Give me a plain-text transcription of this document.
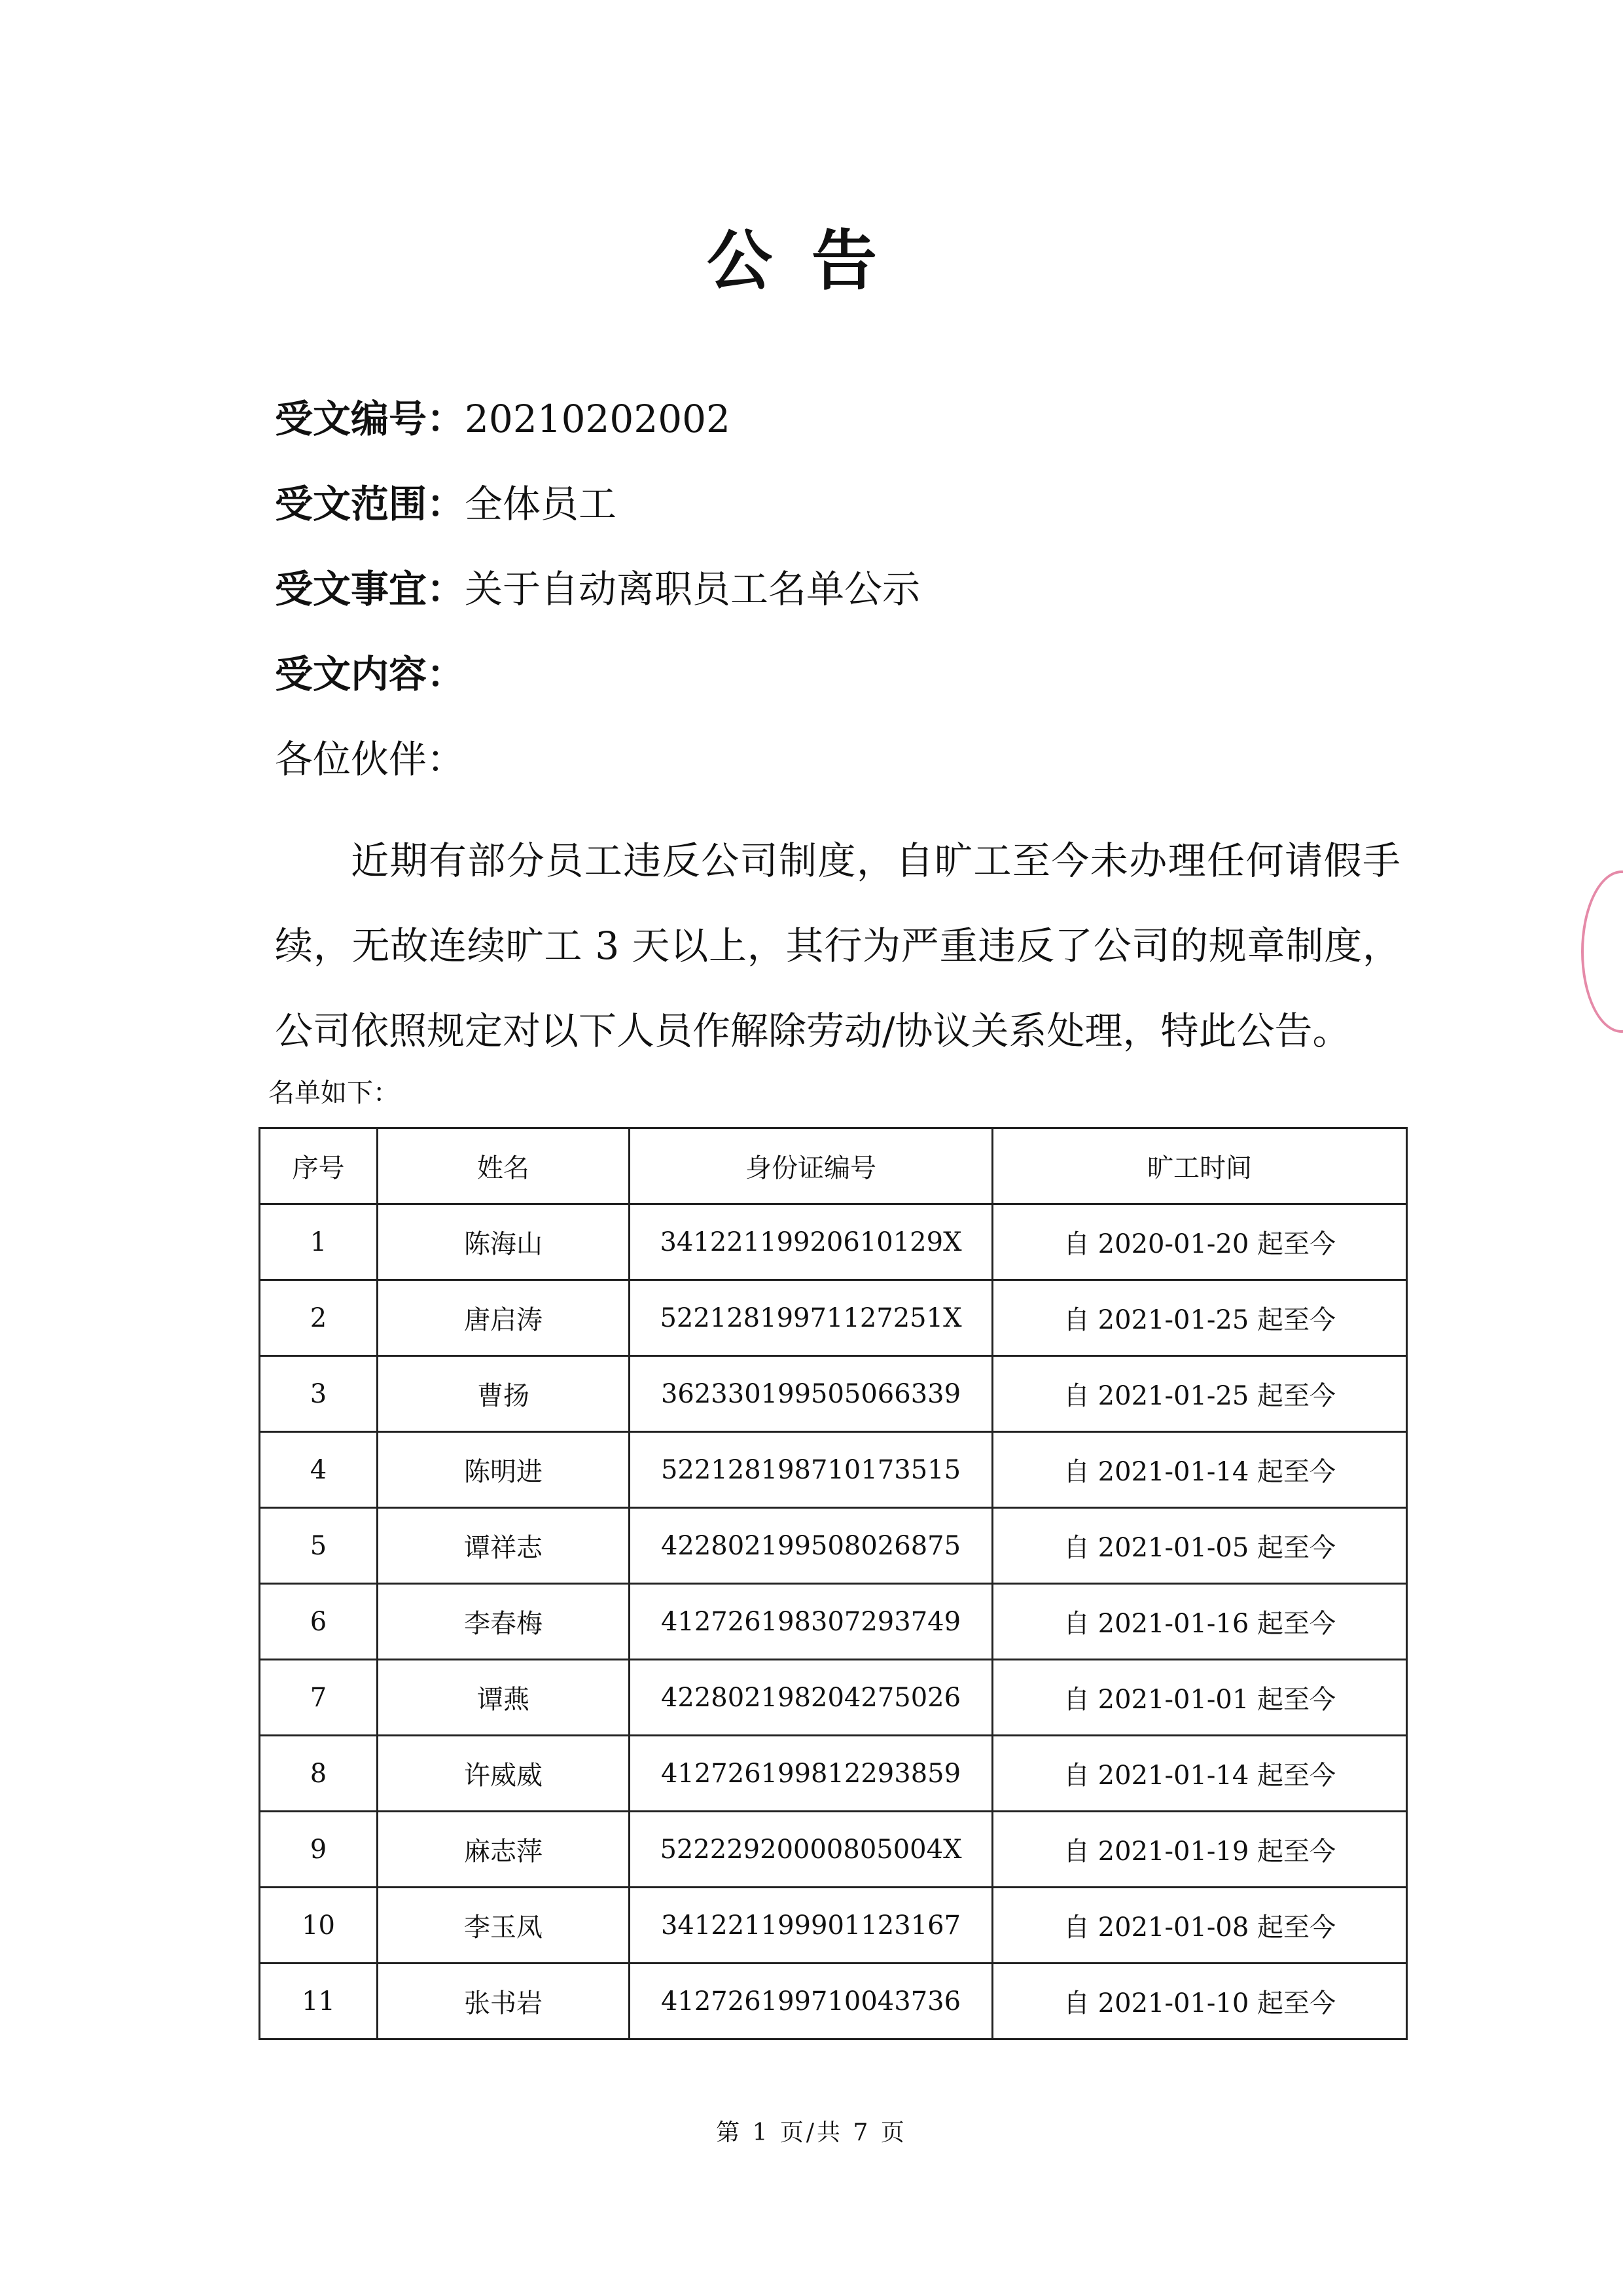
公告
受文编号：20210202002
受文范围：全体员工
受文事宜：关于自动离职员工名单公示
受文内容：
各位伙伴：
近期有部分员工违反公司制度，自旷工至今未办理任何请假手续，无故连续旷工 3 天以上，其行为严重违反了公司的规章制度，公司依照规定对以下人员作解除劳动/协议关系处理，特此公告。
名单如下：
序号	姓名	身份证编号	旷工时间
1	陈海山	34122119920610129X	自 2020-01-20 起至今
2	唐启涛	52212819971127251X	自 2021-01-25 起至今
3	曹扬	362330199505066339	自 2021-01-25 起至今
4	陈明进	522128198710173515	自 2021-01-14 起至今
5	谭祥志	422802199508026875	自 2021-01-05 起至今
6	李春梅	412726198307293749	自 2021-01-16 起至今
7	谭燕	422802198204275026	自 2021-01-01 起至今
8	许威威	412726199812293859	自 2021-01-14 起至今
9	麻志萍	52222920000805004X	自 2021-01-19 起至今
10	李玉凤	341221199901123167	自 2021-01-08 起至今
11	张书岩	412726199710043736	自 2021-01-10 起至今
第 1 页/共 7 页
